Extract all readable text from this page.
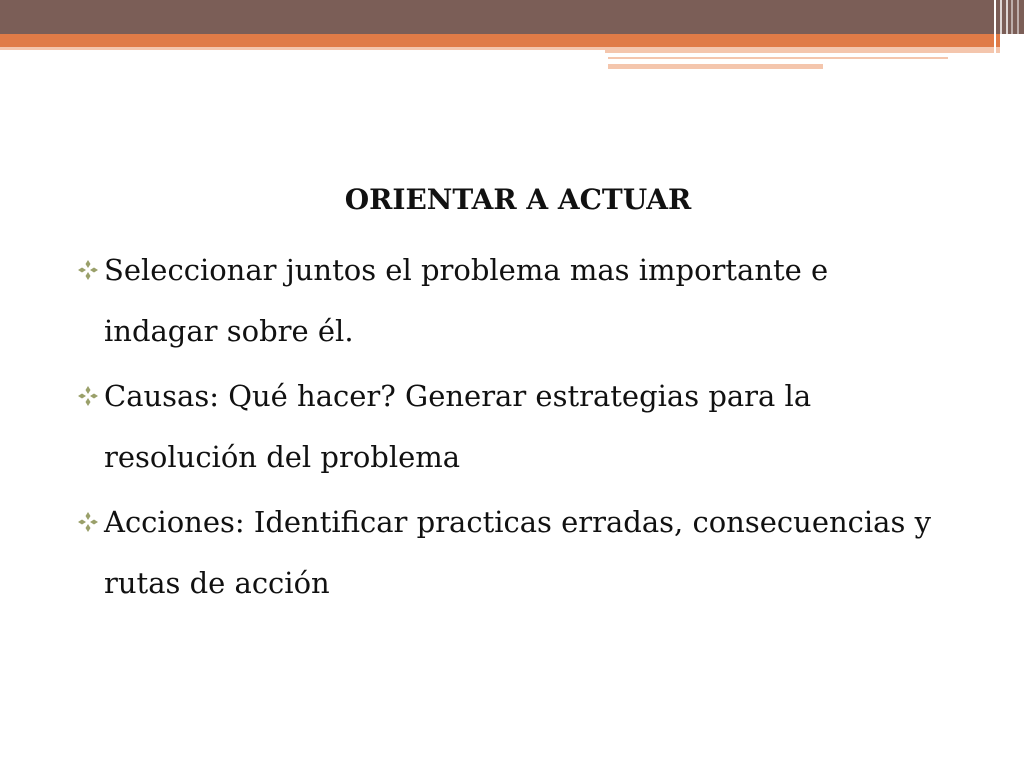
ORIENTAR A ACTUAR
Seleccionar juntos el problema mas importante e indagar sobre él.
Causas: Qué hacer? Generar estrategias para la resolución del problema
Acciones: Identificar practicas erradas, consecuencias y rutas de acción
